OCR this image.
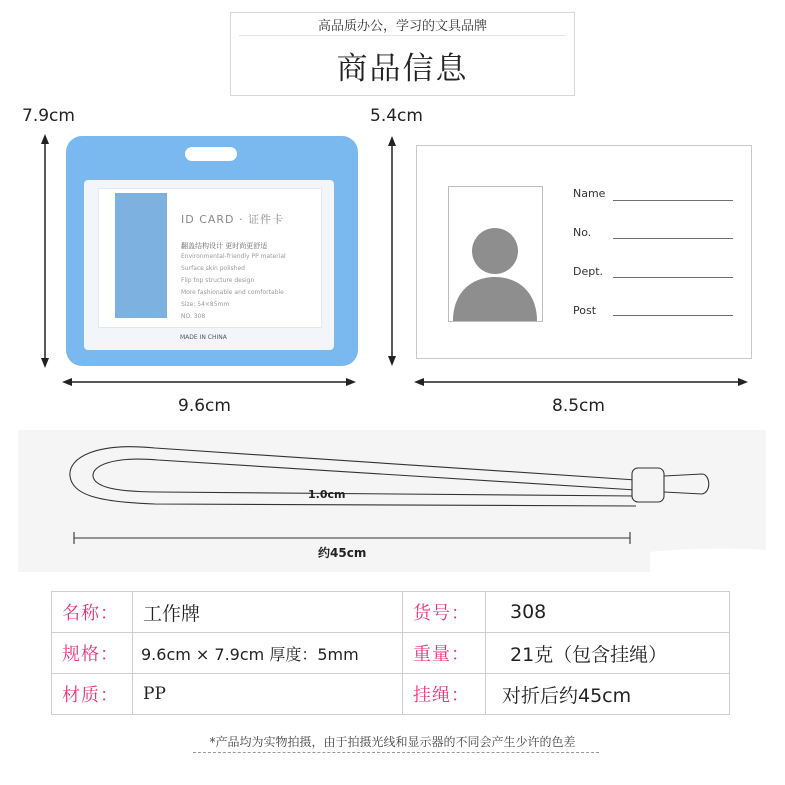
高品质办公，学习的文具品牌
商品信息
7.9cm
9.6cm
5.4cm
8.5cm
ID CARD · 证件卡
翻盖结构设计 更时尚更舒适
Environmental-friendly PP material
Surface skin polished
Flip top structure design
More fashionable and comfortable
Size: 54×85mm
NO. 308
MADE IN CHINA
Name
No.
Dept.
Post
1.0cm
约45cm
名称：	工作牌	货号：	308
规格：	9.6cm × 7.9cm 厚度：5mm	重量：	21克（包含挂绳）
材质：	PP	挂绳：	对折后约45cm
*产品均为实物拍摄，由于拍摄光线和显示器的不同会产生少许的色差
